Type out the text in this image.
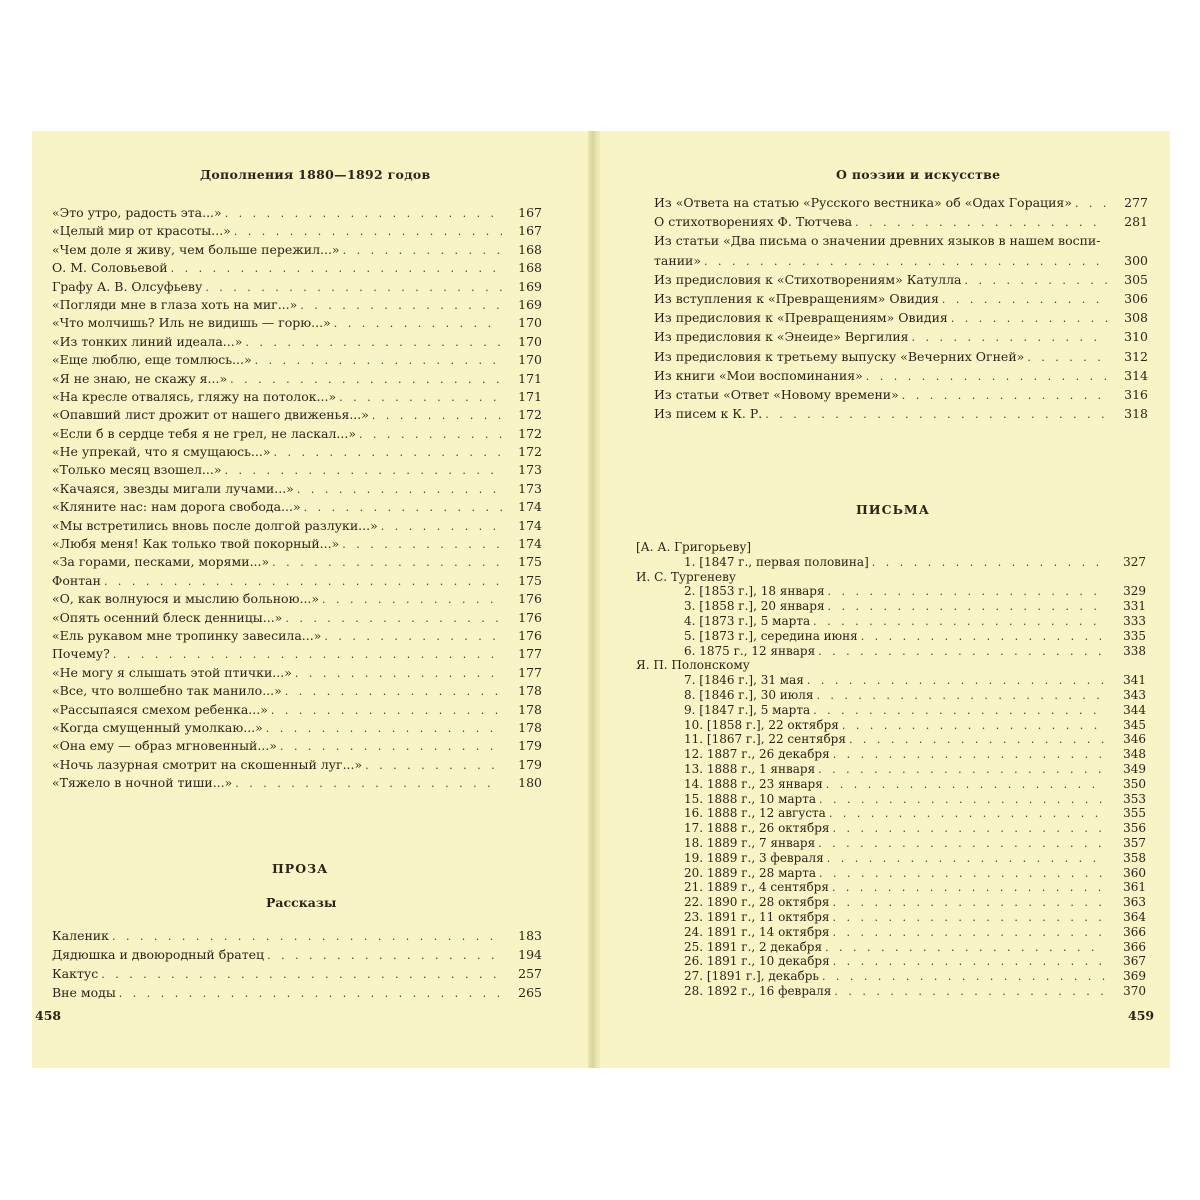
Дополнения 1880—1892 годов
«Это утро, радость эта...» . . .	167
«Целый мир от красоты...» . . .	167
«Чем доле я живу, чем больше пережил...» . . .	168
О. М. Соловьевой . . .	168
Графу А. В. Олсуфьеву . . .	169
«Погляди мне в глаза хоть на миг...» . . .	169
«Что молчишь? Иль не видишь — горю...» . . .	170
«Из тонких линий идеала...» . . .	170
«Еще люблю, еще томлюсь...» . . .	170
«Я не знаю, не скажу я...» . . .	171
«На кресле отвалясь, гляжу на потолок...» . . .	171
«Опавший лист дрожит от нашего движенья...» . . .	172
«Если б в сердце тебя я не грел, не ласкал...» . . .	172
«Не упрекай, что я смущаюсь...» . . .	172
«Только месяц взошел...» . . .	173
«Качаяся, звезды мигали лучами...» . . .	173
«Кляните нас: нам дорога свобода...» . . .	174
«Мы встретились вновь после долгой разлуки...» . . .	174
«Любя меня! Как только твой покорный...» . . .	174
«За горами, песками, морями...» . . .	175
Фонтан . . .	175
«О, как волнуюся и мыслию больною...» . . .	176
«Опять осенний блеск денницы...» . . .	176
«Ель рукавом мне тропинку завесила...» . . .	176
Почему? . . .	177
«Не могу я слышать этой птички...» . . .	177
«Все, что волшебно так манило...» . . .	178
«Рассыпаяся смехом ребенка...» . . .	178
«Когда смущенный умолкаю...» . . .	178
«Она ему — образ мгновенный...» . . .	179
«Ночь лазурная смотрит на скошенный луг...» . . .	179
«Тяжело в ночной тиши...» . . .	180
ПРОЗА
Рассказы
Каленик . . .	183
Дядюшка и двоюродный братец . . .	194
Кактус . . .	257
Вне моды . . .	265
458
О поэзии и искусстве
Из «Ответа на статью «Русского вестника» об «Одах Горация» . . .	277
О стихотворениях Ф. Тютчева . . .	281
Из статьи «Два письма о значении древних языков в нашем воспи-
тании» . . .	300
Из предисловия к «Стихотворениям» Катулла . . .	305
Из вступления к «Превращениям» Овидия . . .	306
Из предисловия к «Превращениям» Овидия . . .	308
Из предисловия к «Энеиде» Вергилия . . .	310
Из предисловия к третьему выпуску «Вечерних Огней» . . .	312
Из книги «Мои воспоминания» . . .	314
Из статьи «Ответ «Новому времени» . . .	316
Из писем к К. Р. . . .	318
ПИСЬМА
[А. А. Григорьеву]
1. [1847 г., первая половина] . . .	327
И. С. Тургеневу
2. [1853 г.], 18 января . . .	329
3. [1858 г.], 20 января . . .	331
4. [1873 г.], 5 марта . . .	333
5. [1873 г.], середина июня . . .	335
6. 1875 г., 12 января . . .	338
Я. П. Полонскому
7. [1846 г.], 31 мая . . .	341
8. [1846 г.], 30 июля . . .	343
9. [1847 г.], 5 марта . . .	344
10. [1858 г.], 22 октября . . .	345
11. [1867 г.], 22 сентября . . .	346
12. 1887 г., 26 декабря . . .	348
13. 1888 г., 1 января . . .	349
14. 1888 г., 23 января . . .	350
15. 1888 г., 10 марта . . .	353
16. 1888 г., 12 августа . . .	355
17. 1888 г., 26 октября . . .	356
18. 1889 г., 7 января . . .	357
19. 1889 г., 3 февраля . . .	358
20. 1889 г., 28 марта . . .	360
21. 1889 г., 4 сентября . . .	361
22. 1890 г., 28 октября . . .	363
23. 1891 г., 11 октября . . .	364
24. 1891 г., 14 октября . . .	366
25. 1891 г., 2 декабря . . .	366
26. 1891 г., 10 декабря . . .	367
27. [1891 г.], декабрь . . .	369
28. 1892 г., 16 февраля . . .	370
459
